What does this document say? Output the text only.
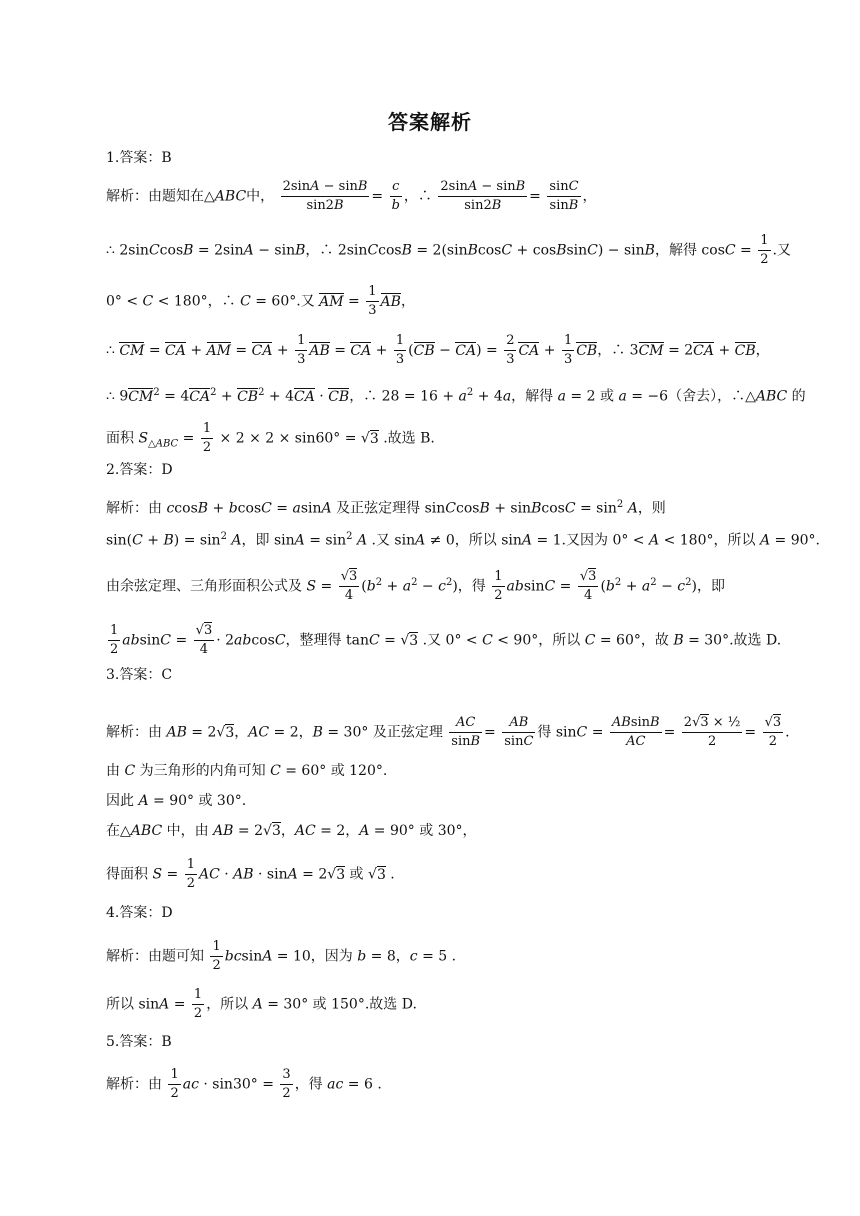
答案解析
1.答案：B
解析：由题知在△ABC中， $\frac{2\sin A - \sin B}{\sin 2B} = \frac{c}{b}$ ，∴ $\frac{2\sin A - \sin B}{\sin 2B} = \frac{\sin C}{\sin B}$ ，
∴ 2sinCcosB = 2sinA − sinB，∴ 2sinCcosB = 2(sinBcosC + cosBsinC) − sinB，解得 $\cos C = \frac{1}{2}$ .又
0° < C < 180°，∴ C = 60°.又 AM = $\frac{1}{3}$ AB，
∴ CM = CA + AM = CA + $\frac{1}{3}$ AB = CA + $\frac{1}{3} (CB - CA) = \frac{2}{3}$ CA + $\frac{1}{3}$ CB，∴ 3CM = 2CA + CB，
∴ $9CM^2 = 4CA^2 + CB^2 + 4CA$ · CB，∴ $28 = 16 + a^2 + 4a$，解得 a = 2 或 a = −6（舍去），∴△ABC 的
面积 $S_{\triangle ABC} = \frac{1}{2} \times 2 \times 2 \times \sin 60^\circ = √3$ .故选 B.
2.答案：D
解析：由 ccosB + bcosC = asinA 及正弦定理得 sinCcosB + sinBcosC = $\sin^2 A$，则
$\sin(C + B) = \sin^2 A$，即 $\sin A = \sin^2 A$ .又 sinA ≠ 0，所以 sinA = 1.又因为 0° < A < 180°，所以 A = 90°.
由余弦定理、三角形面积公式及 $S = \frac{√3}{4} (b^2 + a^2 - c^2)$，得 $\frac{1}{2}$ $absinC = \frac{√3}{4} (b^2 + a^2 - c^2)$，即
$\frac{1}{2}$ $absinC = \frac{√3}{4} \cdot 2abcosC$，整理得 tanC = √3 .又 0° < C < 90°，所以 C = 60°，故 B = 30°.故选 D.
3.答案：C
解析：由 AB = 2√3，AC = 2，B = 30° 及正弦定理 $\frac{AC}{\sin B} = \frac{AB}{\sin C}$ 得 $\sin C = \frac{ABsinB}{AC} = \frac{\text{2√3 × ½}}{2} = \frac{√3}{2}$ .
由 C 为三角形的内角可知 C = 60° 或 120°.
因此 A = 90° 或 30°.
在△ABC 中，由 AB = 2√3，AC = 2，A = 90° 或 30°，
得面积 $S = \frac{1}{2}$ AC · AB · sinA = 2√3 或 √3 .
4.答案：D
解析：由题可知 $\frac{1}{2}$ bcsinA = 10，因为 b = 8，c = 5 .
所以 $\sin A = \frac{1}{2}$ ，所以 A = 30° 或 150°.故选 D.
5.答案：B
解析：由 $\frac{1}{2}$ ac · $\sin 30^\circ = \frac{3}{2}$ ，得 ac = 6 .
